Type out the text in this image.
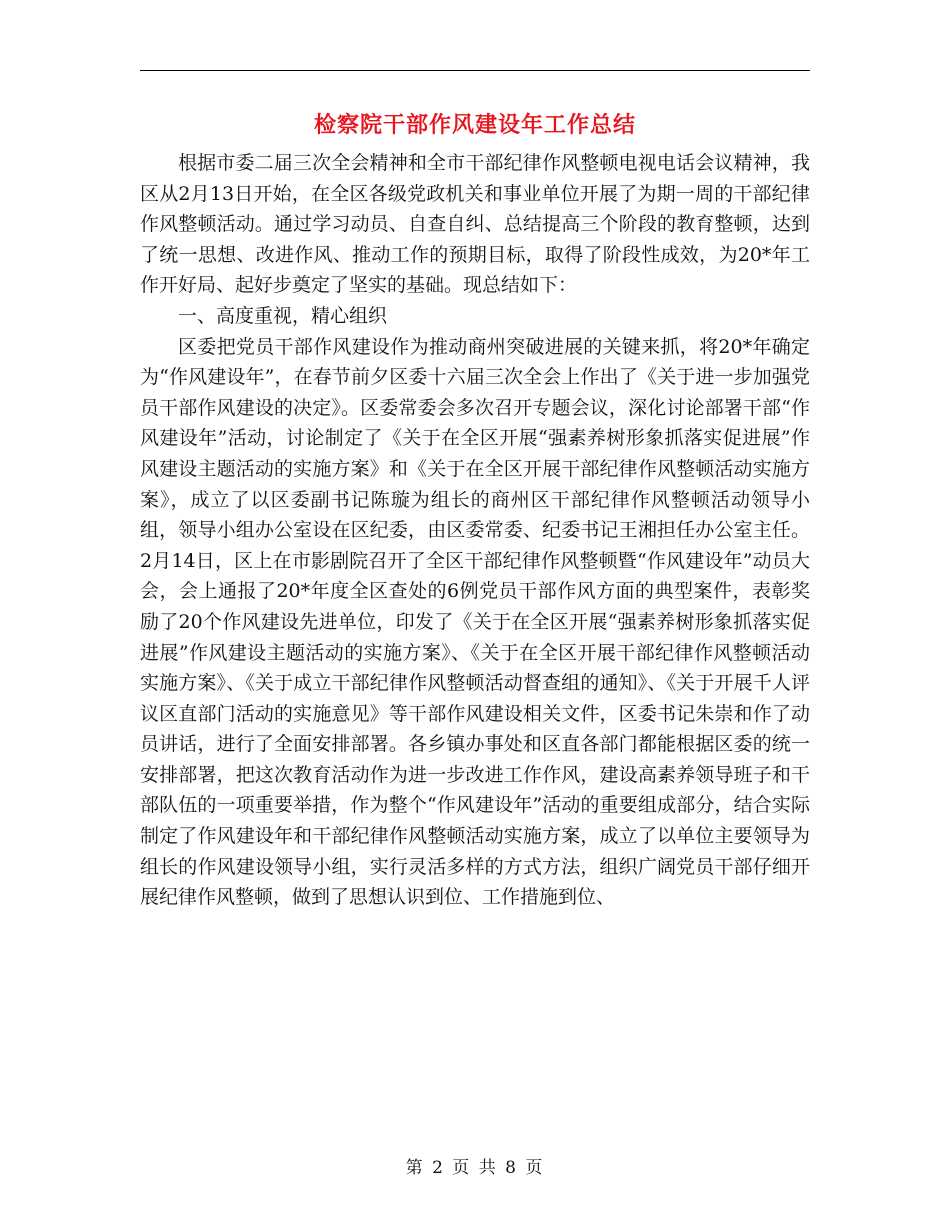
检察院干部作风建设年工作总结

根据市委二届三次全会精神和全市干部纪律作风整顿电视电话会议精神，我区从2月13日开始，在全区各级党政机关和事业单位开展了为期一周的干部纪律作风整顿活动。通过学习动员、自查自纠、总结提高三个阶段的教育整顿，达到了统一思想、改进作风、推动工作的预期目标，取得了阶段性成效，为20*年工作开好局、起好步奠定了坚实的基础。现总结如下：

一、高度重视，精心组织

区委把党员干部作风建设作为推动商州突破进展的关键来抓，将20*年确定为“作风建设年”，在春节前夕区委十六届三次全会上作出了《关于进一步加强党员干部作风建设的决定》。区委常委会多次召开专题会议，深化讨论部署干部“作风建设年”活动，讨论制定了《关于在全区开展“强素养树形象抓落实促进展”作风建设主题活动的实施方案》和《关于在全区开展干部纪律作风整顿活动实施方案》，成立了以区委副书记陈璇为组长的商州区干部纪律作风整顿活动领导小组，领导小组办公室设在区纪委，由区委常委、纪委书记王湘担任办公室主任。2月14日，区上在市影剧院召开了全区干部纪律作风整顿暨“作风建设年”动员大会，会上通报了20*年度全区查处的6例党员干部作风方面的典型案件，表彰奖励了20个作风建设先进单位，印发了《关于在全区开展“强素养树形象抓落实促进展”作风建设主题活动的实施方案》、《关于在全区开展干部纪律作风整顿活动实施方案》、《关于成立干部纪律作风整顿活动督查组的通知》、《关于开展千人评议区直部门活动的实施意见》等干部作风建设相关文件，区委书记朱崇和作了动员讲话，进行了全面安排部署。各乡镇办事处和区直各部门都能根据区委的统一安排部署，把这次教育活动作为进一步改进工作作风，建设高素养领导班子和干部队伍的一项重要举措，作为整个“作风建设年”活动的重要组成部分，结合实际制定了作风建设年和干部纪律作风整顿活动实施方案，成立了以单位主要领导为组长的作风建设领导小组，实行灵活多样的方式方法，组织广阔党员干部仔细开展纪律作风整顿，做到了思想认识到位、工作措施到位、

第 2 页 共 8 页
